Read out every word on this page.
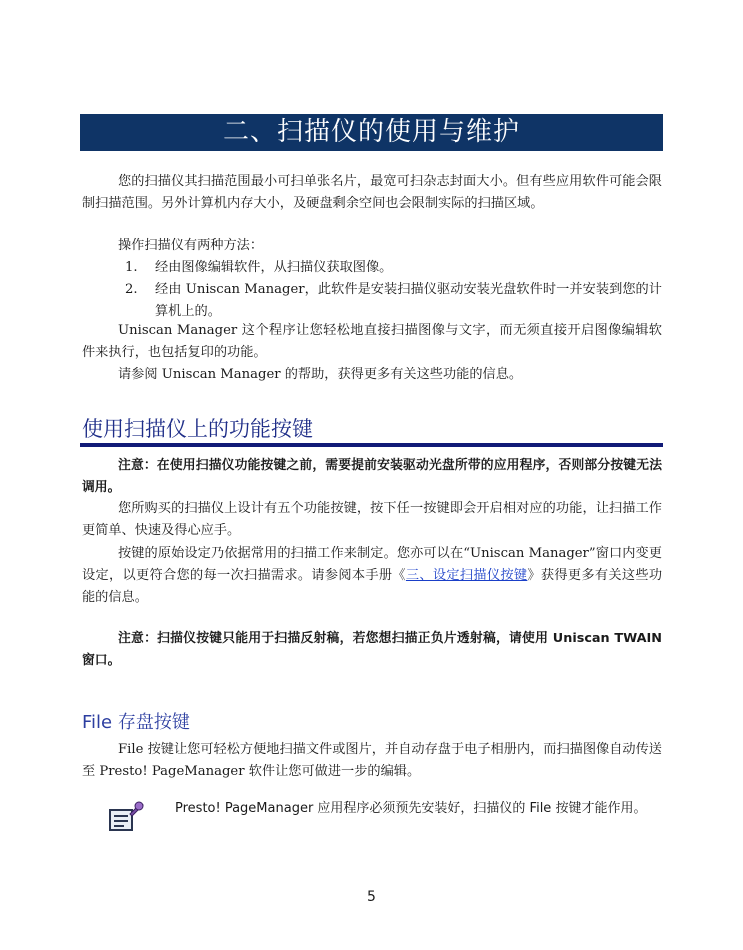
二、扫描仪的使用与维护
您的扫描仪其扫描范围最小可扫单张名片，最宽可扫杂志封面大小。但有些应用软件可能会限制扫描范围。另外计算机内存大小，及硬盘剩余空间也会限制实际的扫描区域。
操作扫描仪有两种方法：
1. 经由图像编辑软件，从扫描仪获取图像。
2. 经由 Uniscan Manager，此软件是安装扫描仪驱动安装光盘软件时一并安装到您的计算机上的。
Uniscan Manager 这个程序让您轻松地直接扫描图像与文字，而无须直接开启图像编辑软件来执行，也包括复印的功能。
请参阅 Uniscan Manager 的帮助，获得更多有关这些功能的信息。
使用扫描仪上的功能按键
注意：在使用扫描仪功能按键之前，需要提前安装驱动光盘所带的应用程序，否则部分按键无法调用。
您所购买的扫描仪上设计有五个功能按键，按下任一按键即会开启相对应的功能，让扫描工作更简单、快速及得心应手。
按键的原始设定乃依据常用的扫描工作来制定。您亦可以在“Uniscan Manager”窗口内变更设定，以更符合您的每一次扫描需求。请参阅本手册《三、设定扫描仪按键》获得更多有关这些功能的信息。
注意：扫描仪按键只能用于扫描反射稿，若您想扫描正负片透射稿，请使用 Uniscan TWAIN 窗口。
File 存盘按键
File 按键让您可轻松方便地扫描文件或图片，并自动存盘于电子相册内，而扫描图像自动传送至 Presto! PageManager 软件让您可做进一步的编辑。
Presto! PageManager 应用程序必须预先安装好，扫描仪的 File 按键才能作用。
5
